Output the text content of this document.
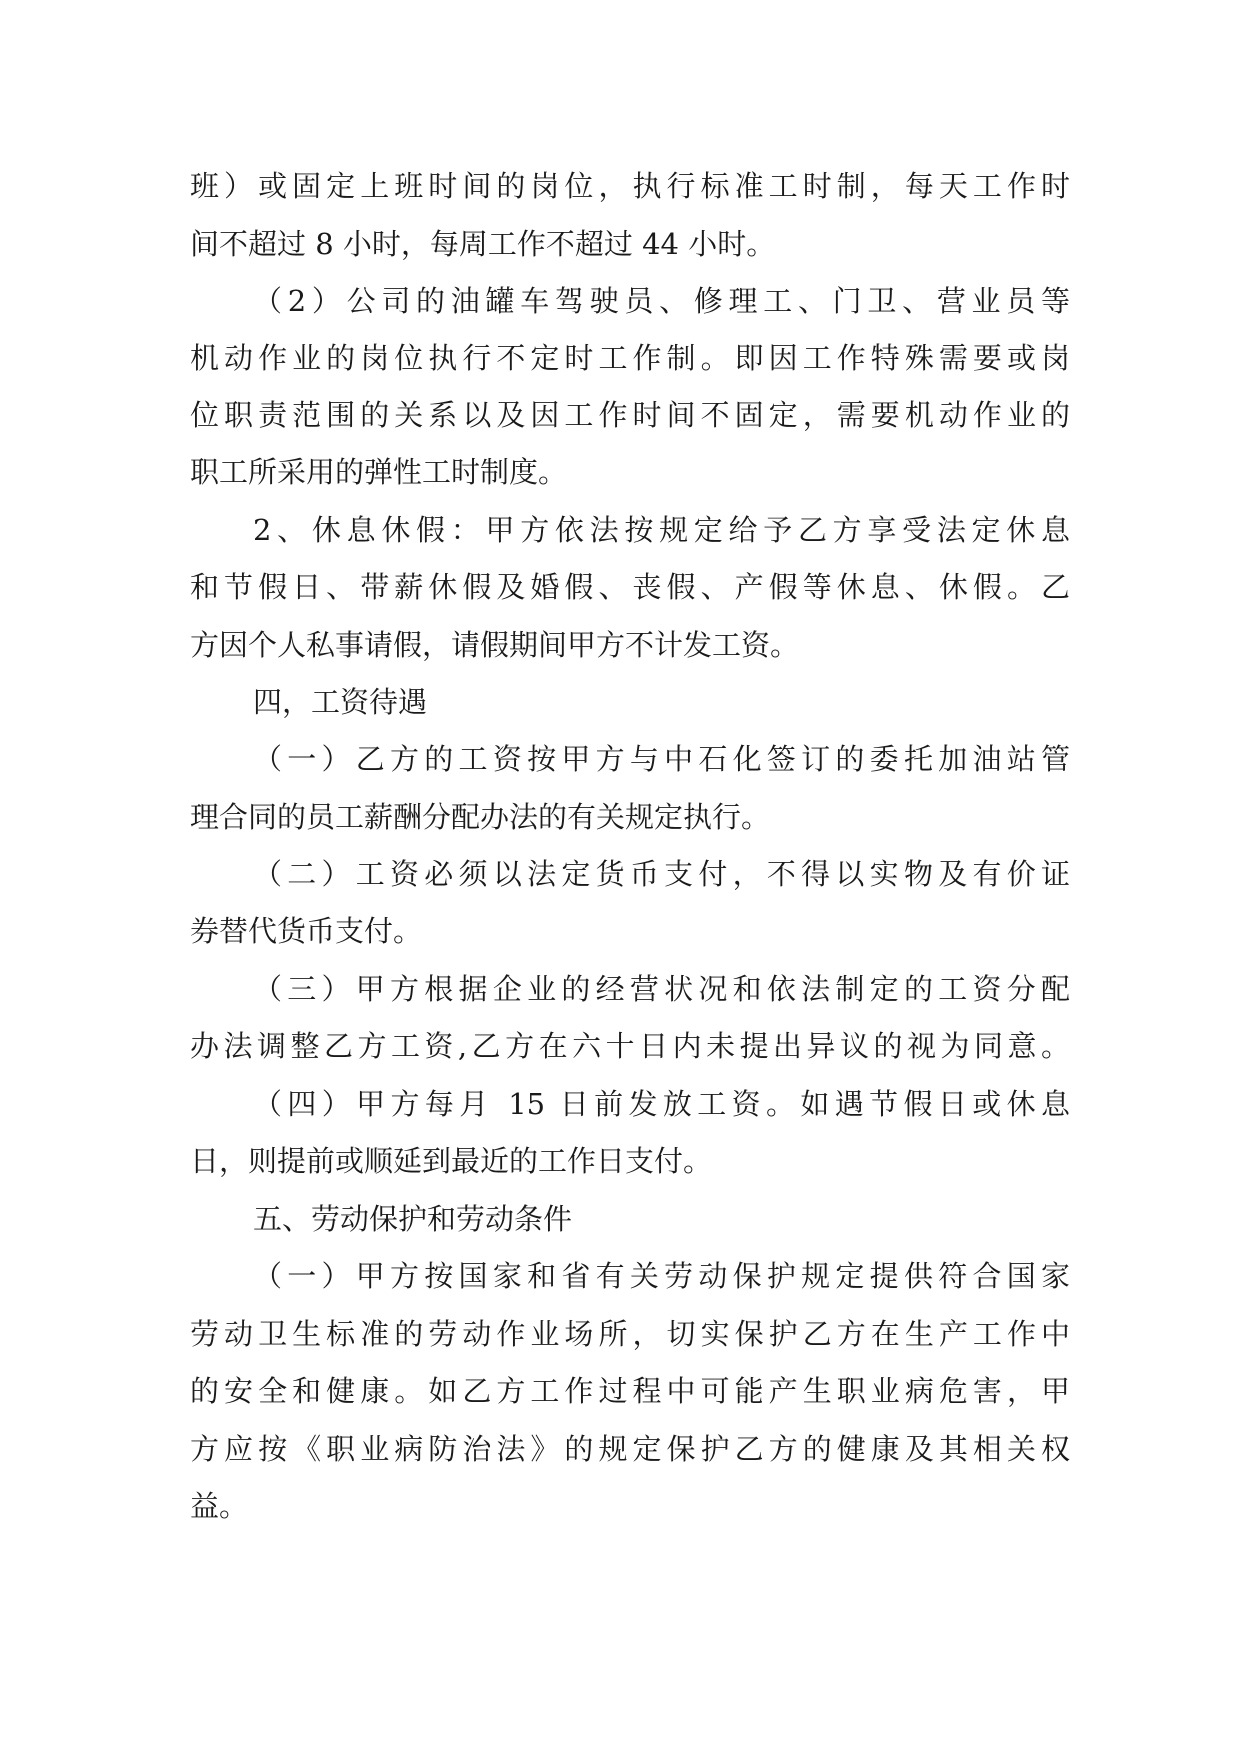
班）或固定上班时间的岗位，执行标准工时制，每天工作时
间不超过 8 小时，每周工作不超过 44 小时。
（2）公司的油罐车驾驶员、修理工、门卫、营业员等
机动作业的岗位执行不定时工作制。即因工作特殊需要或岗
位职责范围的关系以及因工作时间不固定，需要机动作业的
职工所采用的弹性工时制度。
2、休息休假：甲方依法按规定给予乙方享受法定休息
和节假日、带薪休假及婚假、丧假、产假等休息、休假。乙
方因个人私事请假，请假期间甲方不计发工资。
四，工资待遇
（一）乙方的工资按甲方与中石化签订的委托加油站管
理合同的员工薪酬分配办法的有关规定执行。
（二）工资必须以法定货币支付，不得以实物及有价证
券替代货币支付。
（三）甲方根据企业的经营状况和依法制定的工资分配
办法调整乙方工资,乙方在六十日内未提出异议的视为同意。
（四）甲方每月 15 日前发放工资。如遇节假日或休息
日，则提前或顺延到最近的工作日支付。
五、劳动保护和劳动条件
（一）甲方按国家和省有关劳动保护规定提供符合国家
劳动卫生标准的劳动作业场所，切实保护乙方在生产工作中
的安全和健康。如乙方工作过程中可能产生职业病危害，甲
方应按《职业病防治法》的规定保护乙方的健康及其相关权
益。
